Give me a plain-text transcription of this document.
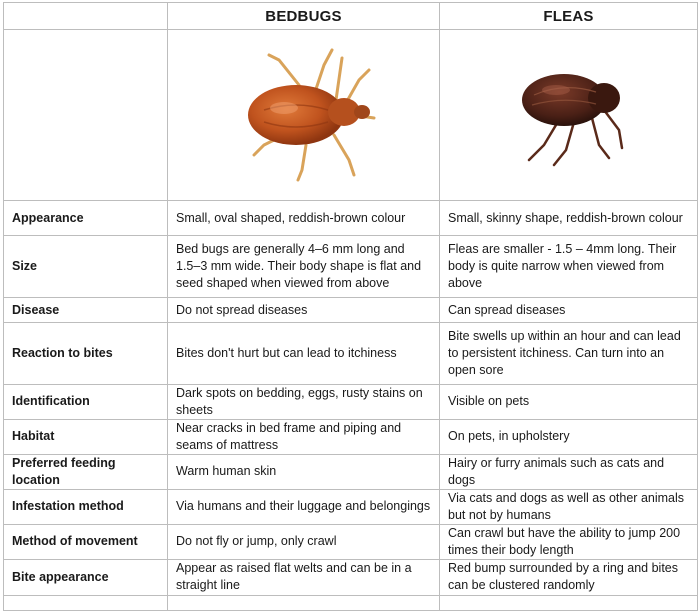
	BEDBUGS	FLEAS

Appearance	Small, oval shaped, reddish-brown colour	Small, skinny shape, reddish-brown colour
Size	Bed bugs are generally 4–6 mm long and 1.5–3 mm wide. Their body shape is flat and seed shaped when viewed from above	Fleas are smaller - 1.5 – 4mm long. Their body is quite narrow when viewed from above
Disease	Do not spread diseases	Can spread diseases
Reaction to bites	Bites don't hurt but can lead to itchiness	Bite swells up within an hour and can lead to persistent itchiness. Can turn into an open sore
Identification	Dark spots on bedding, eggs, rusty stains on sheets	Visible on pets
Habitat	Near cracks in bed frame and piping and seams of mattress	On pets, in upholstery
Preferred feeding location	Warm human skin	Hairy or furry animals such as cats and dogs
Infestation method	Via humans and their luggage and belongings	Via cats and dogs as well as other animals but not by humans
Method of movement	Do not fly or jump, only crawl	Can crawl but have the ability to jump 200 times their body length
Bite appearance	Appear as raised flat welts and can be in a straight line	Red bump surrounded by a ring and bites can be clustered randomly
